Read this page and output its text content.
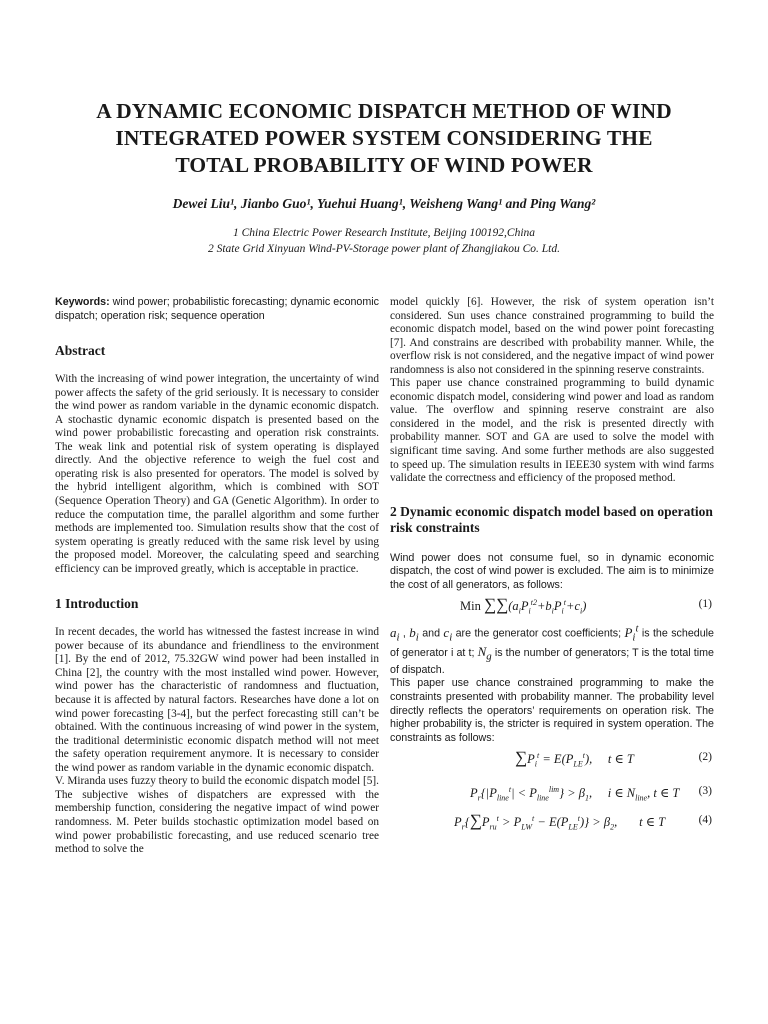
A DYNAMIC ECONOMIC DISPATCH METHOD OF WIND
INTEGRATED POWER SYSTEM CONSIDERING THE
TOTAL PROBABILITY OF WIND POWER

Dewei Liu¹, Jianbo Guo¹, Yuehui Huang¹, Weisheng Wang¹ and Ping Wang²

1 China Electric Power Research Institute, Beijing 100192,China

2 State Grid Xinyuan Wind-PV-Storage power plant of Zhangjiakou Co. Ltd.

Keywords: wind power; probabilistic forecasting; dynamic economic dispatch; operation risk; sequence operation

Abstract

With the increasing of wind power integration, the uncertainty of wind power affects the safety of the grid seriously. It is necessary to consider the wind power as random variable in the dynamic economic dispatch. A stochastic dynamic economic dispatch is presented based on the wind power probabilistic forecasting and operation risk constraints. The weak link and potential risk of system operating is displayed directly. And the objective reference to weigh the fuel cost and operating risk is also presented for operators. The model is solved by the hybrid intelligent algorithm, which is combined with SOT (Sequence Operation Theory) and GA (Genetic Algorithm). In order to reduce the computation time, the parallel algorithm and some further methods are implemented too. Simulation results show that the cost of system operating is greatly reduced with the same risk level by using the proposed model. Moreover, the calculating speed and searching efficiency can be improved greatly, which is acceptable in practice.

1 Introduction

In recent decades, the world has witnessed the fastest increase in wind power because of its abundance and friendliness to the environment [1]. By the end of 2012, 75.32GW wind power had been installed in China [2], the country with the most installed wind power. However, wind power has the characteristic of randomness and fluctuation, because it is affected by natural factors. Researches have done a lot on wind power forecasting [3-4], but the perfect forecasting still can’t be obtained. With the continuous increasing of wind power in the system, the traditional deterministic economic dispatch method will not meet the safety operation requirement anymore. It is necessary to consider the wind power as random variable in the dynamic economic dispatch.

V. Miranda uses fuzzy theory to build the economic dispatch model [5]. The subjective wishes of dispatchers are expressed with the membership function, considering the negative impact of wind power randomness. M. Peter builds stochastic optimization model based on wind power probabilistic forecasting, and use reduced scenario tree method to solve the

model quickly [6]. However, the risk of system operation isn’t considered. Sun uses chance constrained programming to build the economic dispatch model, based on the wind power point forecasting [7]. And constrains are described with probability manner. While, the overflow risk is not considered, and the negative impact of wind power randomness is also not considered in the spinning reserve constraints.

This paper use chance constrained programming to build dynamic economic dispatch model, considering wind power and load as random value. The overflow and spinning reserve constraint are also considered in the model, and the risk is presented directly with probability manner. SOT and GA are used to solve the model with significant time saving. And some further methods are also suggested to speed up. The simulation results in IEEE30 system with wind farms validate the correctness and efficiency of the proposed method.

2 Dynamic economic dispatch model based on operation risk constraints

Wind power does not consume fuel, so in dynamic economic dispatch, the cost of wind power is excluded. The aim is to minimize the cost of all generators, as follows:

Min $\sum\sum(a_iP_i^{t2}+b_iP_i^t+c_i)$	(1)

$a_i$ , $b_i$ and $c_i$ are the generator cost coefficients; $P_i^t$ is the schedule of generator i at t; $N_g$ is the number of generators; T is the total time of dispatch.

This paper use chance constrained programming to make the constraints presented with probability manner. The probability level directly reflects the operators’ requirements on operation risk. The higher probability is, the stricter is required in system operation. The constraints as follows:

$\sum P_i^t = E(P_{LE}^t)$,     t ∈ T	(2)
$P_r\{|P_{line}^t| < P_{line}^{lim}\} > \beta_1$,     i ∈ $N_{line}$, t ∈ T (3)
$P_r\{\sum P_{ru}^t > P_{LW}^t - E(P_{LE}^t)\} > \beta_2$,       t ∈ T	(4)
